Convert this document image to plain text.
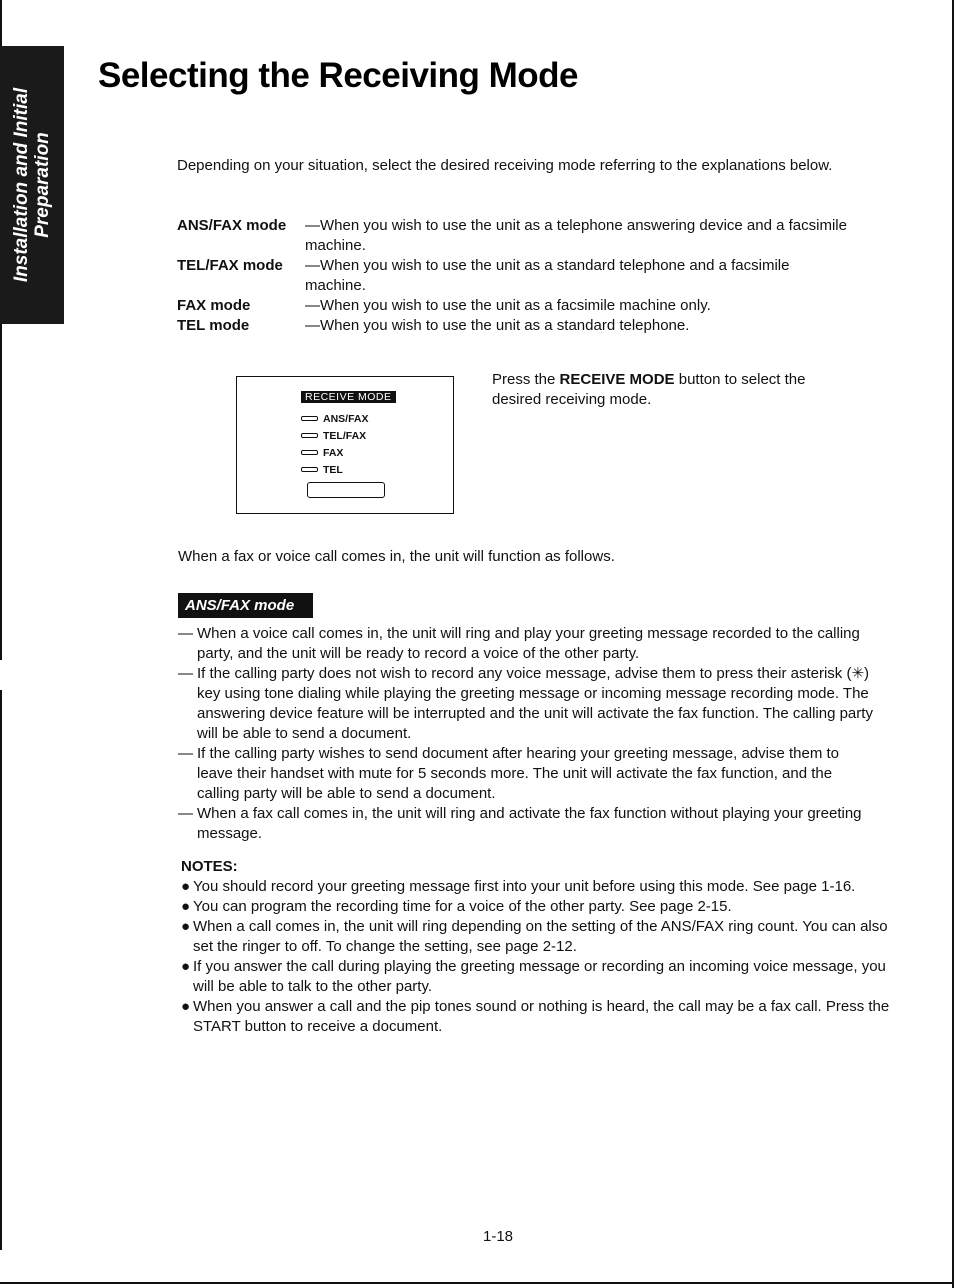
Installation and Initial Preparation
Selecting the Receiving Mode
Depending on your situation, select the desired receiving mode referring to the explanations below.
ANS/FAX mode	—When you wish to use the unit as a telephone answering device and a facsimile machine.
TEL/FAX mode	—When you wish to use the unit as a standard telephone and a facsimile machine.
FAX mode	—When you wish to use the unit as a facsimile machine only.
TEL mode	—When you wish to use the unit as a standard telephone.
RECEIVE MODE
ANS/FAX
TEL/FAX
FAX
TEL
Press the RECEIVE MODE button to select the desired receiving mode.
When a fax or voice call comes in, the unit will function as follows.
ANS/FAX mode
— When a voice call comes in, the unit will ring and play your greeting message recorded to the calling party, and the unit will be ready to record a voice of the other party.
— If the calling party does not wish to record any voice message, advise them to press their asterisk (✳) key using tone dialing while playing the greeting message or incoming message recording mode. The answering device feature will be interrupted and the unit will activate the fax function. The calling party will be able to send a document.
— If the calling party wishes to send document after hearing your greeting message, advise them to leave their handset with mute for 5 seconds more. The unit will activate the fax function, and the calling party will be able to send a document.
— When a fax call comes in, the unit will ring and activate the fax function without playing your greeting message.
NOTES:
● You should record your greeting message first into your unit before using this mode. See page 1-16.
● You can program the recording time for a voice of the other party. See page 2-15.
● When a call comes in, the unit will ring depending on the setting of the ANS/FAX ring count. You can also set the ringer to off. To change the setting, see page 2-12.
● If you answer the call during playing the greeting message or recording an incoming voice message, you will be able to talk to the other party.
● When you answer a call and the pip tones sound or nothing is heard, the call may be a fax call. Press the START button to receive a document.
1-18
